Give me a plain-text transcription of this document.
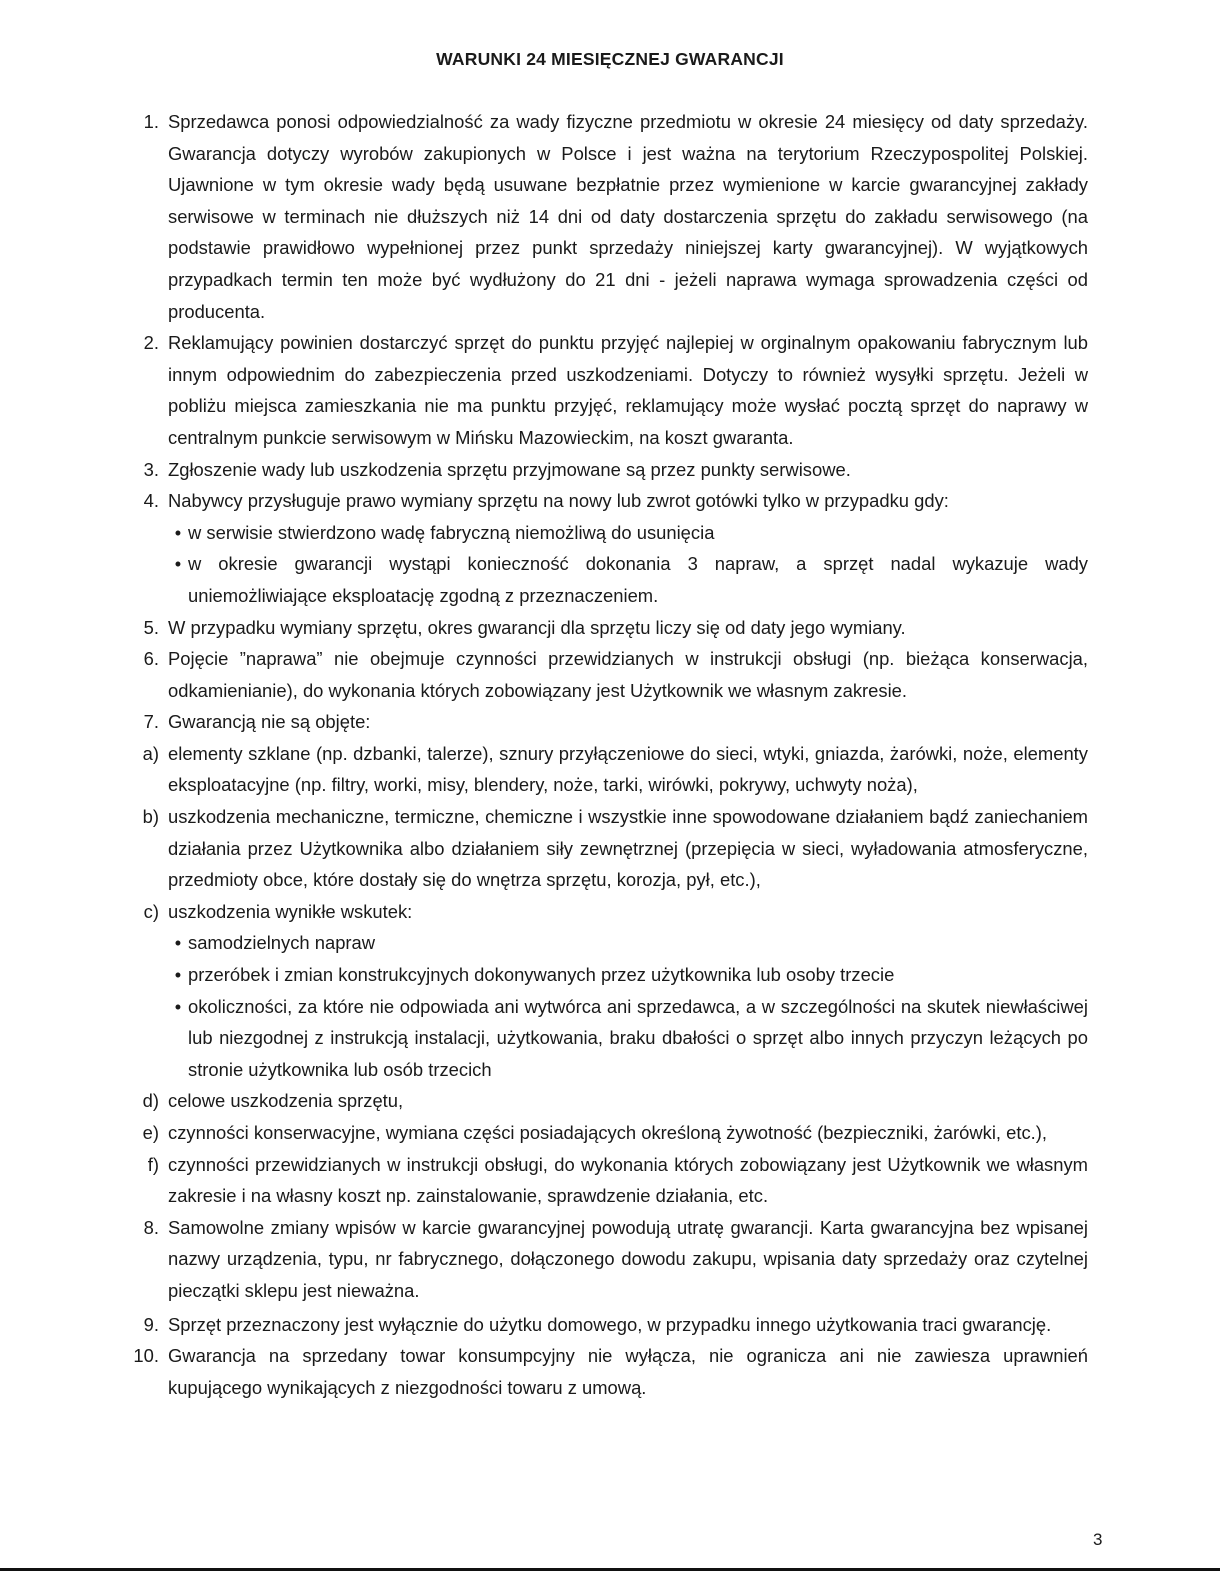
WARUNKI 24 MIESIĘCZNEJ GWARANCJI
1. Sprzedawca ponosi odpowiedzialność za wady fizyczne przedmiotu w okresie 24 miesięcy od daty sprzedaży. Gwarancja dotyczy wyrobów zakupionych w Polsce i jest ważna na terytorium Rzeczypospolitej Polskiej. Ujawnione w tym okresie wady będą usuwane bezpłatnie przez wymienione w karcie gwarancyjnej zakłady serwisowe w terminach nie dłuższych niż 14 dni od daty dostarczenia sprzętu do zakładu serwisowego (na podstawie prawidłowo wypełnionej przez punkt sprzedaży niniejszej karty gwarancyjnej). W wyjątkowych przypadkach termin ten może być wydłużony do 21 dni - jeżeli naprawa wymaga sprowadzenia części od producenta.
2. Reklamujący powinien dostarczyć sprzęt do punktu przyjęć najlepiej w orginalnym opakowaniu fabrycznym lub innym odpowiednim do zabezpieczenia przed uszkodzeniami. Dotyczy to również wysyłki sprzętu. Jeżeli w pobliżu miejsca zamieszkania nie ma punktu przyjęć, reklamujący może wysłać pocztą sprzęt do naprawy w centralnym punkcie serwisowym w Mińsku Mazowieckim, na koszt gwaranta.
3. Zgłoszenie wady lub uszkodzenia sprzętu przyjmowane są przez punkty serwisowe.
4. Nabywcy przysługuje prawo wymiany sprzętu na nowy lub zwrot gotówki tylko w przypadku gdy:
• w serwisie stwierdzono wadę fabryczną niemożliwą do usunięcia
• w okresie gwarancji wystąpi konieczność dokonania 3 napraw, a sprzęt nadal wykazuje wady uniemożliwiające eksploatację zgodną z przeznaczeniem.
5. W przypadku wymiany sprzętu, okres gwarancji dla sprzętu liczy się od daty jego wymiany.
6. Pojęcie ”naprawa” nie obejmuje czynności przewidzianych w instrukcji obsługi (np. bieżąca konserwacja, odkamienianie), do wykonania których zobowiązany jest Użytkownik we własnym zakresie.
7. Gwarancją nie są objęte:
a) elementy szklane (np. dzbanki, talerze), sznury przyłączeniowe do sieci, wtyki, gniazda, żarówki, noże, elementy eksploatacyjne (np. filtry, worki, misy, blendery, noże, tarki, wirówki, pokrywy, uchwyty noża),
b) uszkodzenia mechaniczne, termiczne, chemiczne i wszystkie inne spowodowane działaniem bądź zaniechaniem działania przez Użytkownika albo działaniem siły zewnętrznej (przepięcia w sieci, wyładowania atmosferyczne, przedmioty obce, które dostały się do wnętrza sprzętu, korozja, pył, etc.),
c) uszkodzenia wynikłe wskutek:
• samodzielnych napraw
• przeróbek i zmian konstrukcyjnych dokonywanych przez użytkownika lub osoby trzecie
• okoliczności, za które nie odpowiada ani wytwórca ani sprzedawca, a w szczególności na skutek niewłaściwej lub niezgodnej z instrukcją instalacji, użytkowania, braku dbałości o sprzęt albo innych przyczyn leżących po stronie użytkownika lub osób trzecich
d) celowe uszkodzenia sprzętu,
e) czynności konserwacyjne, wymiana części posiadających określoną żywotność (bezpieczniki, żarówki, etc.),
f) czynności przewidzianych w instrukcji obsługi, do wykonania których zobowiązany jest Użytkownik we własnym zakresie i na własny koszt np. zainstalowanie, sprawdzenie działania, etc.
8. Samowolne zmiany wpisów w karcie gwarancyjnej powodują utratę gwarancji. Karta gwarancyjna bez wpisanej nazwy urządzenia, typu, nr fabrycznego, dołączonego dowodu zakupu, wpisania daty sprzedaży oraz czytelnej pieczątki sklepu jest nieważna.
9. Sprzęt przeznaczony jest wyłącznie do użytku domowego, w przypadku innego użytkowania traci gwarancję.
10. Gwarancja na sprzedany towar konsumpcyjny nie wyłącza, nie ogranicza ani nie zawiesza uprawnień kupującego wynikających z niezgodności towaru z umową.
3
